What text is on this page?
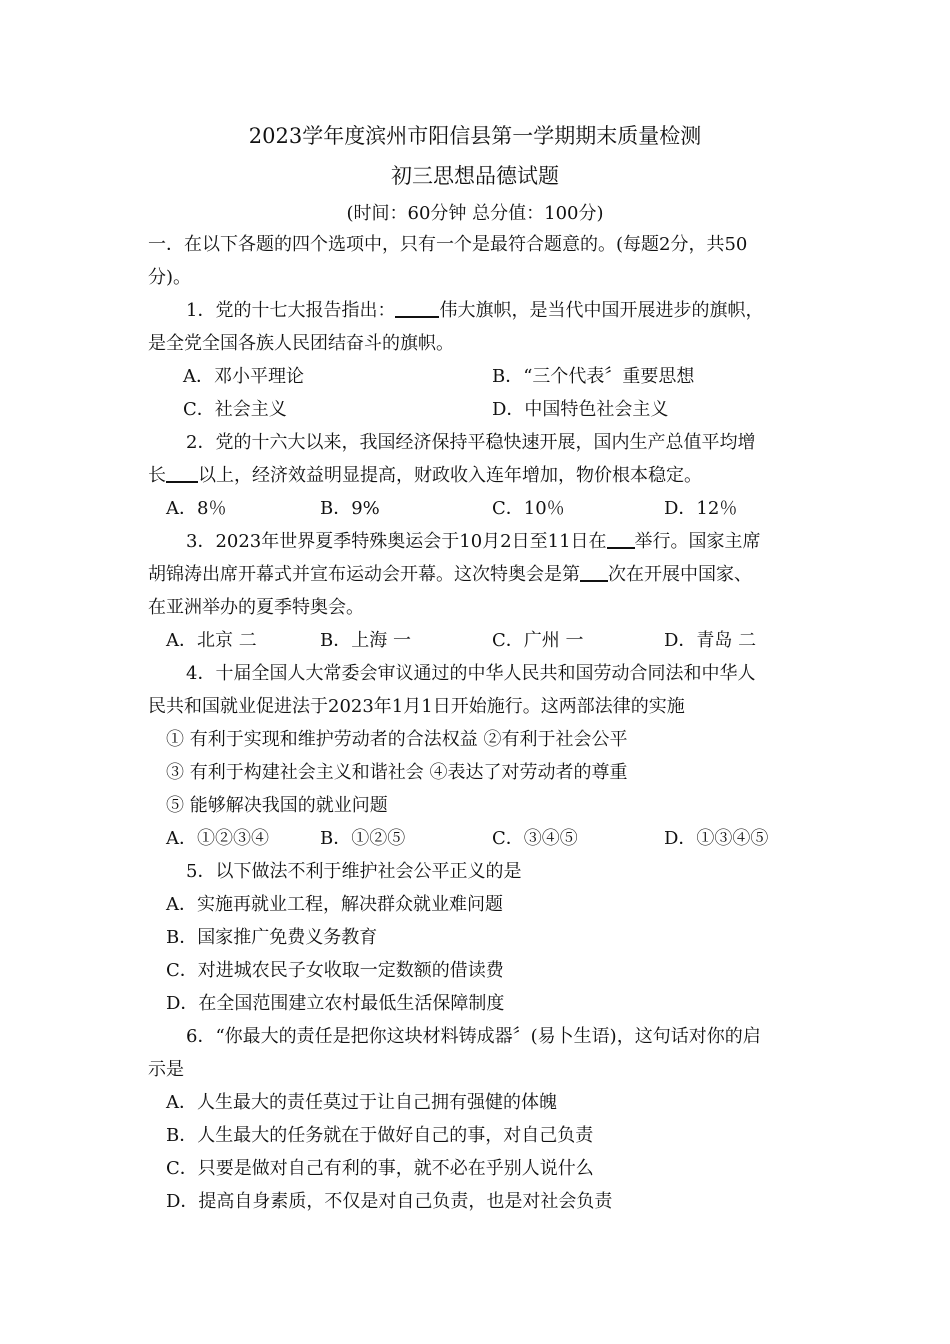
2023学年度滨州市阳信县第一学期期末质量检测
初三思想品德试题
(时间：60分钟 总分值：100分)
一．在以下各题的四个选项中，只有一个是最符合题意的。(每题2分，共50
分)。
1．党的十七大报告指出： 伟大旗帜，是当代中国开展进步的旗帜，
是全党全国各族人民团结奋斗的旗帜。
A．邓小平理论	B．“三个代表〞重要思想
C．社会主义	D．中国特色社会主义
2．党的十六大以来，我国经济保持平稳快速开展，国内生产总值平均增
长 以上，经济效益明显提高，财政收入连年增加，物价根本稳定。
A．8％	B．9%	C．10％	D．12％
3．2023年世界夏季特殊奥运会于10月2日至11日在 举行。国家主席
胡锦涛出席开幕式并宣布运动会开幕。这次特奥会是第 次在开展中国家、
在亚洲举办的夏季特奥会。
A．北京 二	B．上海 一	C．广州 一	D．青岛 二
4．十届全国人大常委会审议通过的中华人民共和国劳动合同法和中华人
民共和国就业促进法于2023年1月1日开始施行。这两部法律的实施
① 有利于实现和维护劳动者的合法权益 ②有利于社会公平
③ 有利于构建社会主义和谐社会 ④表达了对劳动者的尊重
⑤ 能够解决我国的就业问题
A．①②③④	B．①②⑤	C．③④⑤	D．①③④⑤
5．以下做法不利于维护社会公平正义的是
A．实施再就业工程，解决群众就业难问题
B．国家推广免费义务教育
C．对进城农民子女收取一定数额的借读费
D．在全国范围建立农村最低生活保障制度
6．“你最大的责任是把你这块材料铸成器〞(易卜生语)，这句话对你的启
示是
A．人生最大的责任莫过于让自己拥有强健的体魄
B．人生最大的任务就在于做好自己的事，对自己负责
C．只要是做对自己有利的事，就不必在乎别人说什么
D．提高自身素质，不仅是对自己负责，也是对社会负责
